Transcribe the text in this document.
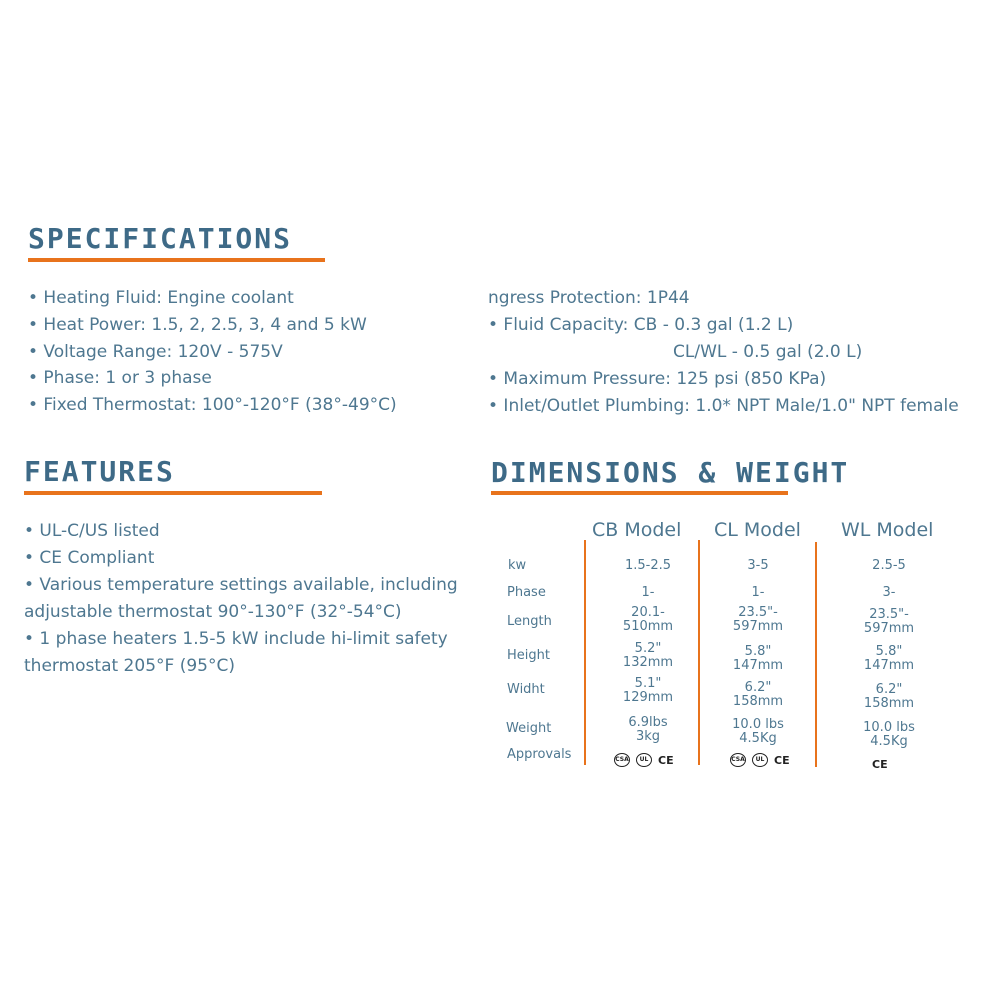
SPECIFICATIONS
• Heating Fluid: Engine coolant
• Heat Power: 1.5, 2, 2.5, 3, 4 and 5 kW
• Voltage Range: 120V - 575V
• Phase: 1 or 3 phase
• Fixed Thermostat: 100°-120°F (38°-49°C)
ngress Protection: 1P44
• Fluid Capacity: CB - 0.3 gal (1.2 L)
CL/WL - 0.5 gal (2.0 L)
• Maximum Pressure: 125 psi (850 KPa)
• Inlet/Outlet Plumbing: 1.0* NPT Male/1.0" NPT female
FEATURES
• UL-C/US listed
• CE Compliant
• Various temperature settings available, including
adjustable thermostat 90°-130°F (32°-54°C)
• 1 phase heaters 1.5-5 kW include hi-limit safety
thermostat 205°F (95°C)
DIMENSIONS & WEIGHT
CB Model CL Model WL Model
kw
Phase
Length
Height
Widht
Weight
Approvals
1.5-2.5
1-
20.1-
510mm
5.2"
132mm
5.1"
129mm
6.9lbs
3kg
CSA	UL CE
3-5
1-
23.5"-
597mm
5.8"
147mm
6.2"
158mm
10.0 lbs
4.5Kg
CSA	UL CE
2.5-5
3-
23.5"-
597mm
5.8"
147mm
6.2"
158mm
10.0 lbs
4.5Kg
CE
